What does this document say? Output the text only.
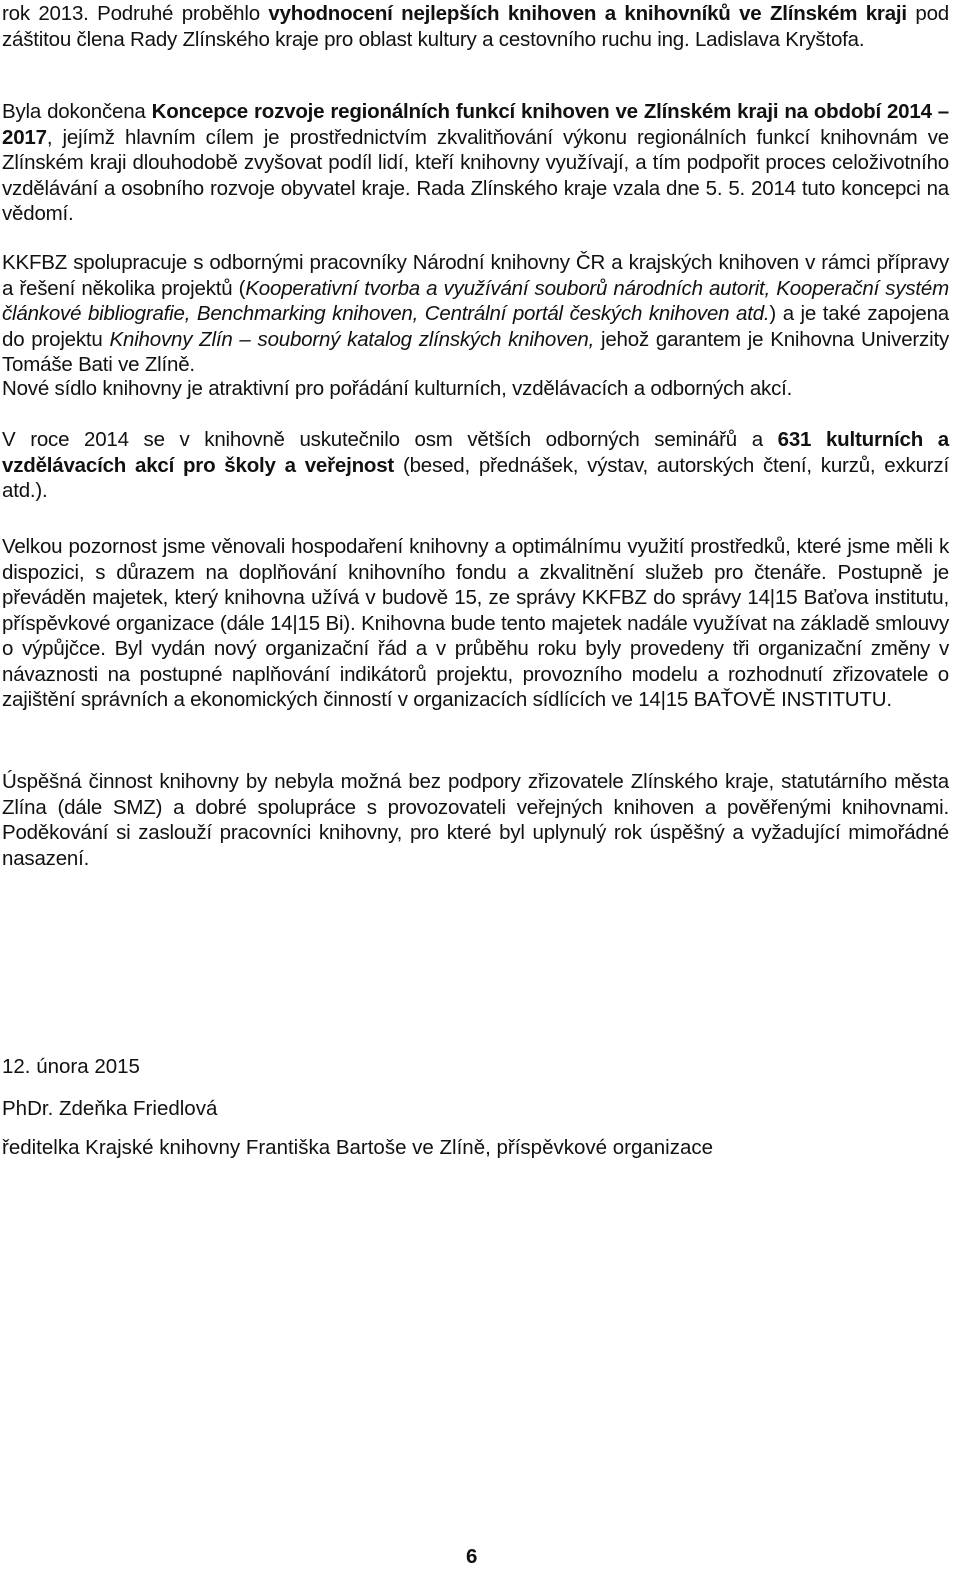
rok 2013. Podruhé proběhlo vyhodnocení nejlepších knihoven a knihovníků ve Zlínském kraji pod záštitou člena Rady Zlínského kraje pro oblast kultury a cestovního ruchu ing. Ladislava Kryštofa.

Byla dokončena Koncepce rozvoje regionálních funkcí knihoven ve Zlínském kraji na období 2014 – 2017, jejímž hlavním cílem je prostřednictvím zkvalitňování výkonu regionálních funkcí knihovnám ve Zlínském kraji dlouhodobě zvyšovat podíl lidí, kteří knihovny využívají, a tím podpořit proces celoživotního vzdělávání a osobního rozvoje obyvatel kraje. Rada Zlínského kraje vzala dne 5. 5. 2014 tuto koncepci na vědomí.

KKFBZ spolupracuje s odbornými pracovníky Národní knihovny ČR a krajských knihoven v rámci přípravy a řešení několika projektů (Kooperativní tvorba a využívání souborů národních autorit, Kooperační systém článkové bibliografie, Benchmarking knihoven, Centrální portál českých knihoven atd.) a je také zapojena do projektu Knihovny Zlín – souborný katalog zlínských knihoven, jehož garantem je Knihovna Univerzity Tomáše Bati ve Zlíně.

Nové sídlo knihovny je atraktivní pro pořádání kulturních, vzdělávacích a odborných akcí.

V roce 2014 se v knihovně uskutečnilo osm větších odborných seminářů a 631 kulturních a vzdělávacích akcí pro školy a veřejnost (besed, přednášek, výstav, autorských čtení, kurzů, exkurzí atd.).

Velkou pozornost jsme věnovali hospodaření knihovny a optimálnímu využití prostředků, které jsme měli k dispozici, s důrazem na doplňování knihovního fondu a zkvalitnění služeb pro čtenáře. Postupně je převáděn majetek, který knihovna užívá v budově 15, ze správy KKFBZ do správy 14|15 Baťova institutu, příspěvkové organizace (dále 14|15 Bi). Knihovna bude tento majetek nadále využívat na základě smlouvy o výpůjčce. Byl vydán nový organizační řád a v průběhu roku byly provedeny tři organizační změny v návaznosti na postupné naplňování indikátorů projektu, provozního modelu a rozhodnutí zřizovatele o zajištění správních a ekonomických činností v organizacích sídlících ve 14|15 BAŤOVĚ INSTITUTU.

Úspěšná činnost knihovny by nebyla možná bez podpory zřizovatele Zlínského kraje, statutárního města Zlína (dále SMZ) a dobré spolupráce s provozovateli veřejných knihoven a pověřenými knihovnami. Poděkování si zaslouží pracovníci knihovny, pro které byl uplynulý rok úspěšný a vyžadující mimořádné nasazení.

12. února 2015

PhDr. Zdeňka Friedlová

ředitelka Krajské knihovny Františka Bartoše ve Zlíně, příspěvkové organizace

6
